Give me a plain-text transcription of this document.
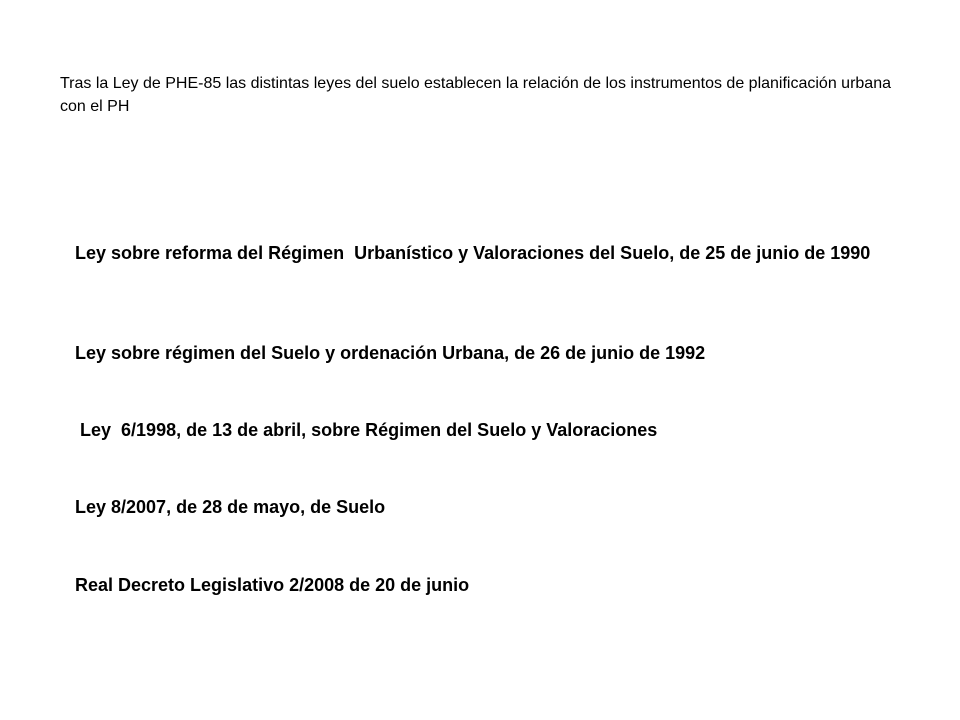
Tras la Ley de PHE-85 las distintas leyes del suelo establecen la relación de los instrumentos de planificación urbana con el PH

Ley sobre reforma del Régimen  Urbanístico y Valoraciones del Suelo, de 25 de junio de 1990

Ley sobre régimen del Suelo y ordenación Urbana, de 26 de junio de 1992

Ley  6/1998, de 13 de abril, sobre Régimen del Suelo y Valoraciones

Ley 8/2007, de 28 de mayo, de Suelo

Real Decreto Legislativo 2/2008 de 20 de junio
